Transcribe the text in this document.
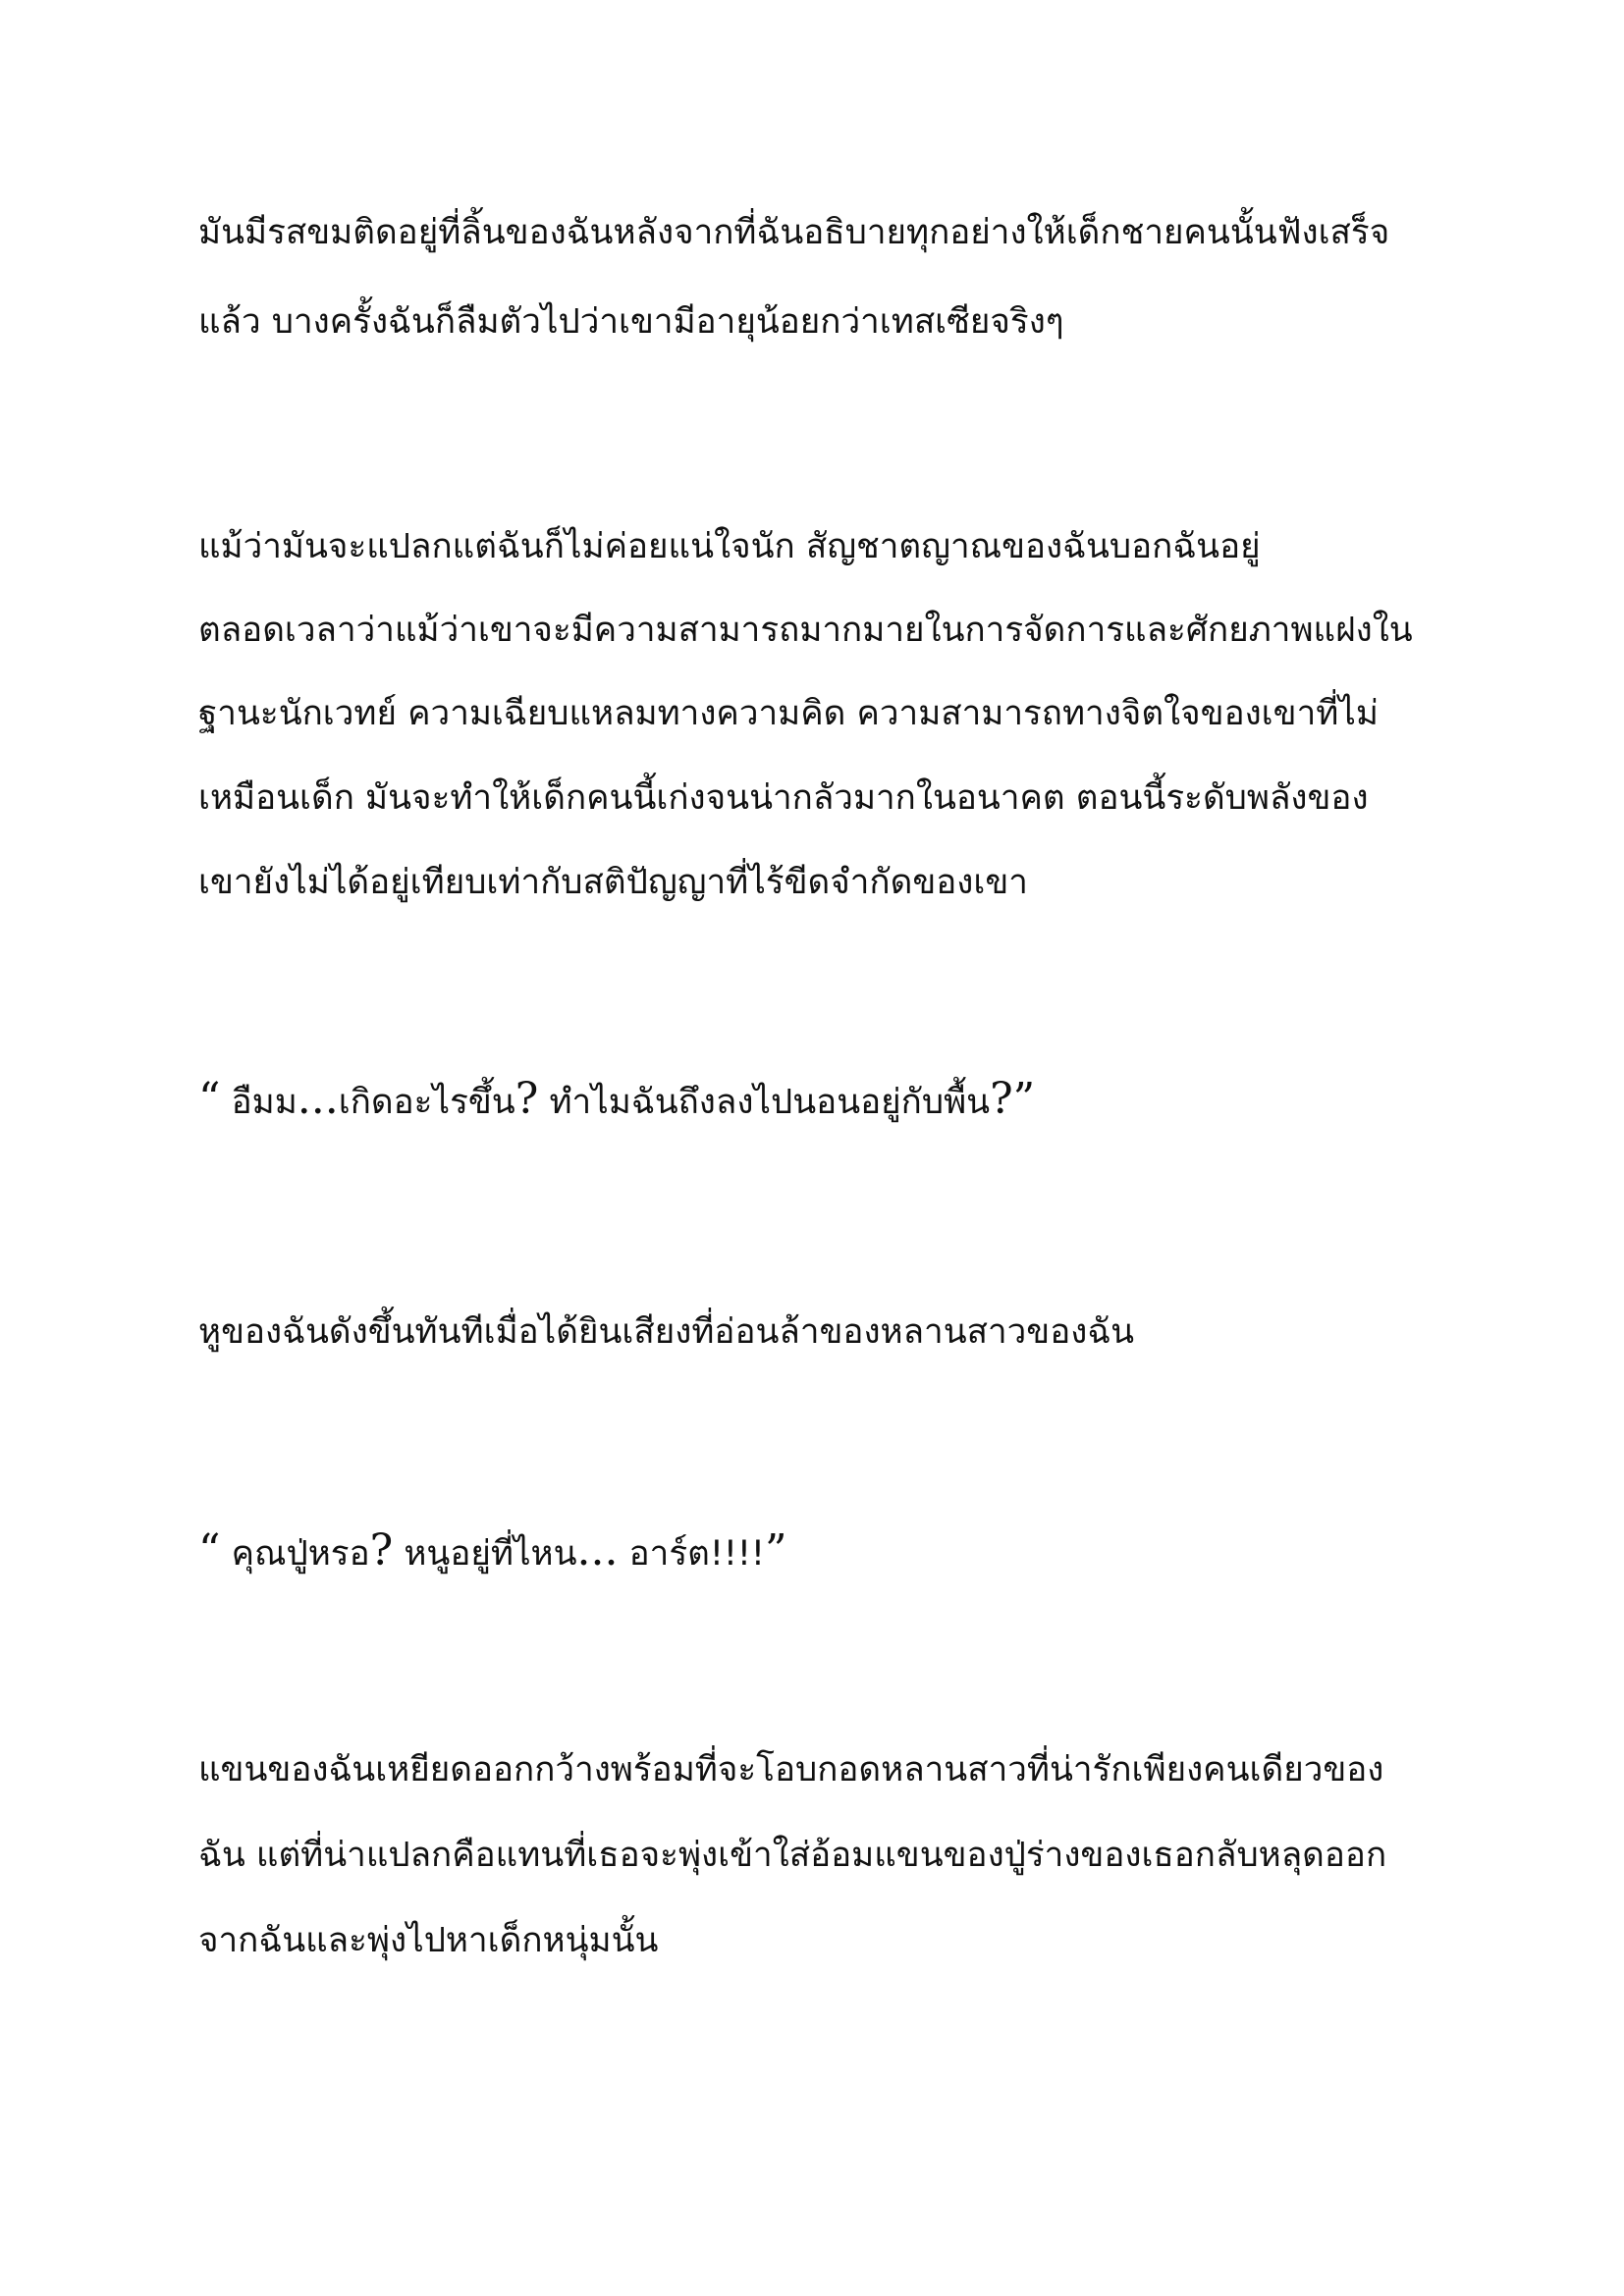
มันมีรสขมติดอยู่ที่ลิ้นของฉันหลังจากที่ฉันอธิบายทุกอย่างให้เด็กชายคนนั้นฟังเสร็จ
แล้ว บางครั้งฉันก็ลืมตัวไปว่าเขามีอายุน้อยกว่าเทสเซียจริงๆ
แม้ว่ามันจะแปลกแต่ฉันก็ไม่ค่อยแน่ใจนัก สัญชาตญาณของฉันบอกฉันอยู่
ตลอดเวลาว่าแม้ว่าเขาจะมีความสามารถมากมายในการจัดการและศักยภาพแฝงใน
ฐานะนักเวทย์ ความเฉียบแหลมทางความคิด ความสามารถทางจิตใจของเขาที่ไม่
เหมือนเด็ก มันจะทำให้เด็กคนนี้เก่งจนน่ากลัวมากในอนาคต ตอนนี้ระดับพลังของ
เขายังไม่ได้อยู่เทียบเท่ากับสติปัญญาที่ไร้ขีดจำกัดของเขา
“ อืมม...เกิดอะไรขึ้น? ทำไมฉันถึงลงไปนอนอยู่กับพื้น?”
หูของฉันดังขึ้นทันทีเมื่อได้ยินเสียงที่อ่อนล้าของหลานสาวของฉัน
“ คุณปู่หรอ? หนูอยู่ที่ไหน... อาร์ต!!!!”
แขนของฉันเหยียดออกกว้างพร้อมที่จะโอบกอดหลานสาวที่น่ารักเพียงคนเดียวของ
ฉัน แต่ที่น่าแปลกคือแทนที่เธอจะพุ่งเข้าใส่อ้อมแขนของปู่ร่างของเธอกลับหลุดออก
จากฉันและพุ่งไปหาเด็กหนุ่มนั้น
